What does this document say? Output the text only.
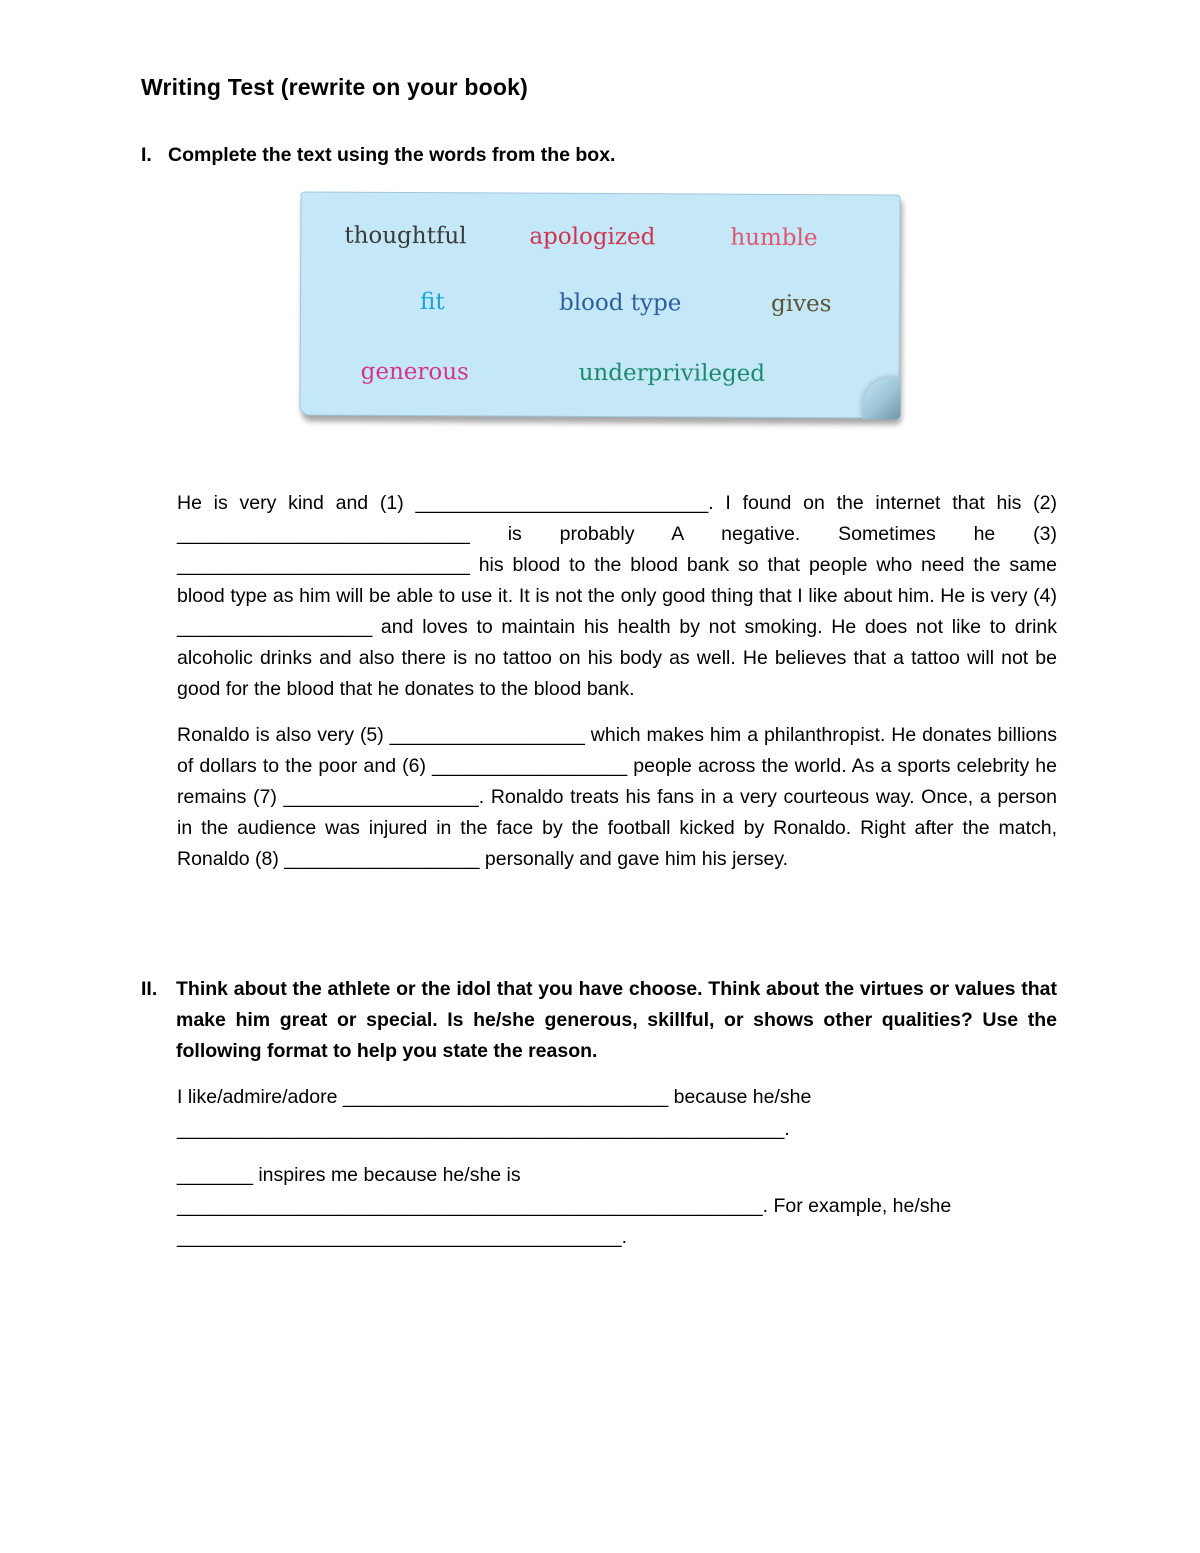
Writing Test (rewrite on your book)
I. Complete the text using the words from the box.
thoughtful	apologized	humble
fit	blood type	gives
generous	underprivileged
He is very kind and (1) ___________________________. I found on the internet that his (2) ___________________________ is probably A negative. Sometimes he (3) ___________________________ his blood to the blood bank so that people who need the same blood type as him will be able to use it. It is not the only good thing that I like about him. He is very (4) __________________ and loves to maintain his health by not smoking. He does not like to drink alcoholic drinks and also there is no tattoo on his body as well. He believes that a tattoo will not be good for the blood that he donates to the blood bank.
Ronaldo is also very (5) __________________ which makes him a philanthropist. He donates billions of dollars to the poor and (6) __________________ people across the world. As a sports celebrity he remains (7) __________________. Ronaldo treats his fans in a very courteous way. Once, a person in the audience was injured in the face by the football kicked by Ronaldo. Right after the match, Ronaldo (8) __________________ personally and gave him his jersey.
II. Think about the athlete or the idol that you have choose. Think about the virtues or values that make him great or special. Is he/she generous, skillful, or shows other qualities? Use the following format to help you state the reason.
I like/admire/adore ______________________________ because he/she
________________________________________________________.
_______ inspires me because he/she is
______________________________________________________. For example, he/she
_________________________________________.
